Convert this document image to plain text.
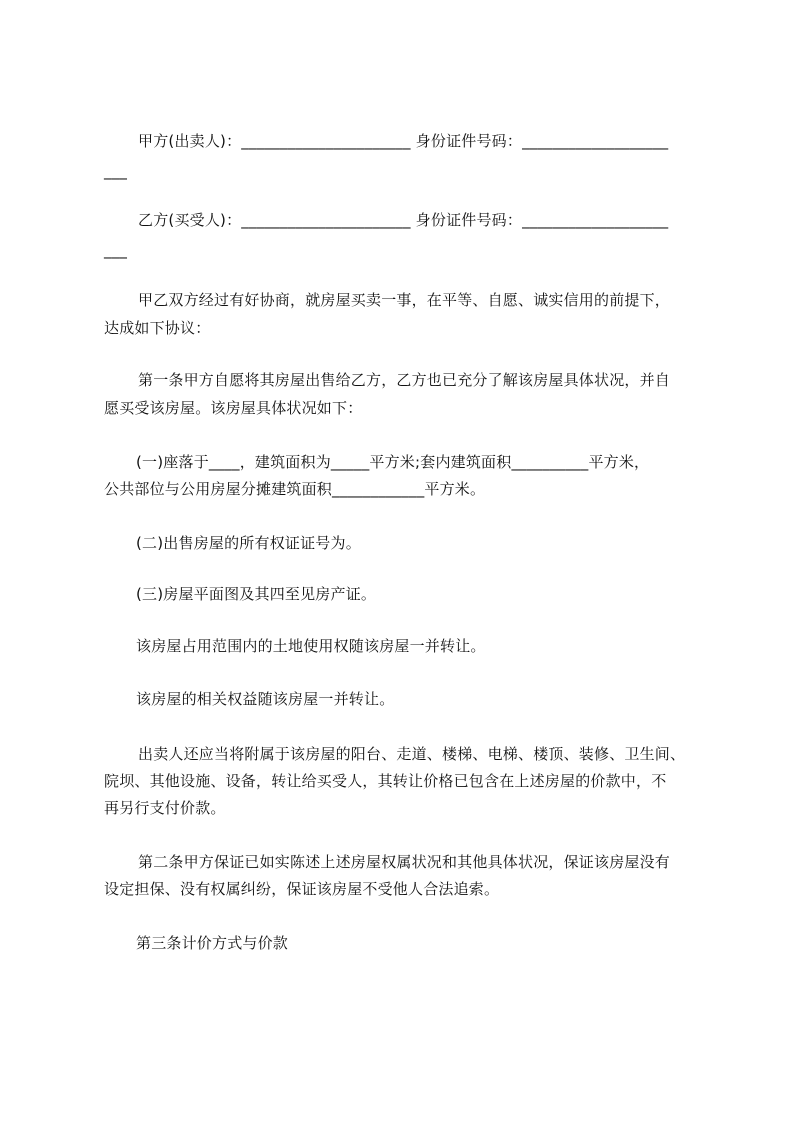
甲方(出卖人)：______________________ 身份证件号码：___________________
___
乙方(买受人)：______________________ 身份证件号码：___________________
___
甲乙双方经过有好协商，就房屋买卖一事，在平等、自愿、诚实信用的前提下，
达成如下协议：
第一条甲方自愿将其房屋出售给乙方，乙方也已充分了解该房屋具体状况，并自
愿买受该房屋。该房屋具体状况如下：
(一)座落于____，建筑面积为_____平方米;套内建筑面积__________平方米，
公共部位与公用房屋分摊建筑面积____________平方米。
(二)出售房屋的所有权证证号为。
(三)房屋平面图及其四至见房产证。
该房屋占用范围内的土地使用权随该房屋一并转让。
该房屋的相关权益随该房屋一并转让。
出卖人还应当将附属于该房屋的阳台、走道、楼梯、电梯、楼顶、装修、卫生间、
院坝、其他设施、设备，转让给买受人，其转让价格已包含在上述房屋的价款中，不
再另行支付价款。
第二条甲方保证已如实陈述上述房屋权属状况和其他具体状况，保证该房屋没有
设定担保、没有权属纠纷，保证该房屋不受他人合法追索。
第三条计价方式与价款
